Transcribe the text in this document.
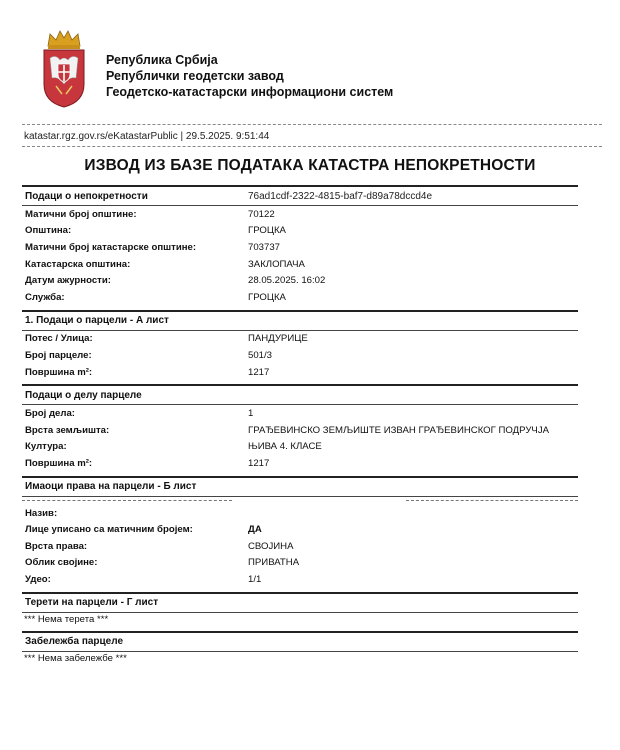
Република Србија
Републички геодетски завод
Геодетско-катастарски информациони систем
katastar.rgz.gov.rs/eKatastarPublic | 29.5.2025. 9:51:44
ИЗВОД ИЗ БАЗЕ ПОДАТАКА КАТАСТРА НЕПОКРЕТНОСТИ
Подаци о непокретности	76ad1cdf-2322-4815-baf7-d89a78dccd4e
Матични број општине:	70122
Општина:	ГРОЦКА
Матични број катастарске општине:	703737
Катастарска општина:	ЗАКЛОПАЧА
Датум ажурности:	28.05.2025. 16:02
Служба:	ГРОЦКА
1. Подаци о парцели - А лист
Потес / Улица:	ПАНДУРИЦЕ
Број парцеле:	501/3
Површина m²:	1217
Подаци о делу парцеле
Број дела:	1
Врста земљишта:	ГРАЂЕВИНСКО ЗЕМЉИШТЕ ИЗВАН ГРАЂЕВИНСКОГ ПОДРУЧЈА
Култура:	ЊИВА 4. КЛАСЕ
Површина m²:	1217
Имаоци права на парцели - Б лист
Назив:
Лице уписано са матичним бројем:	ДА
Врста права:	СВОЈИНА
Облик својине:	ПРИВАТНА
Удео:	1/1
Терети на парцели - Г лист
*** Нема терета ***
Забележба парцеле
*** Нема забележбе ***
